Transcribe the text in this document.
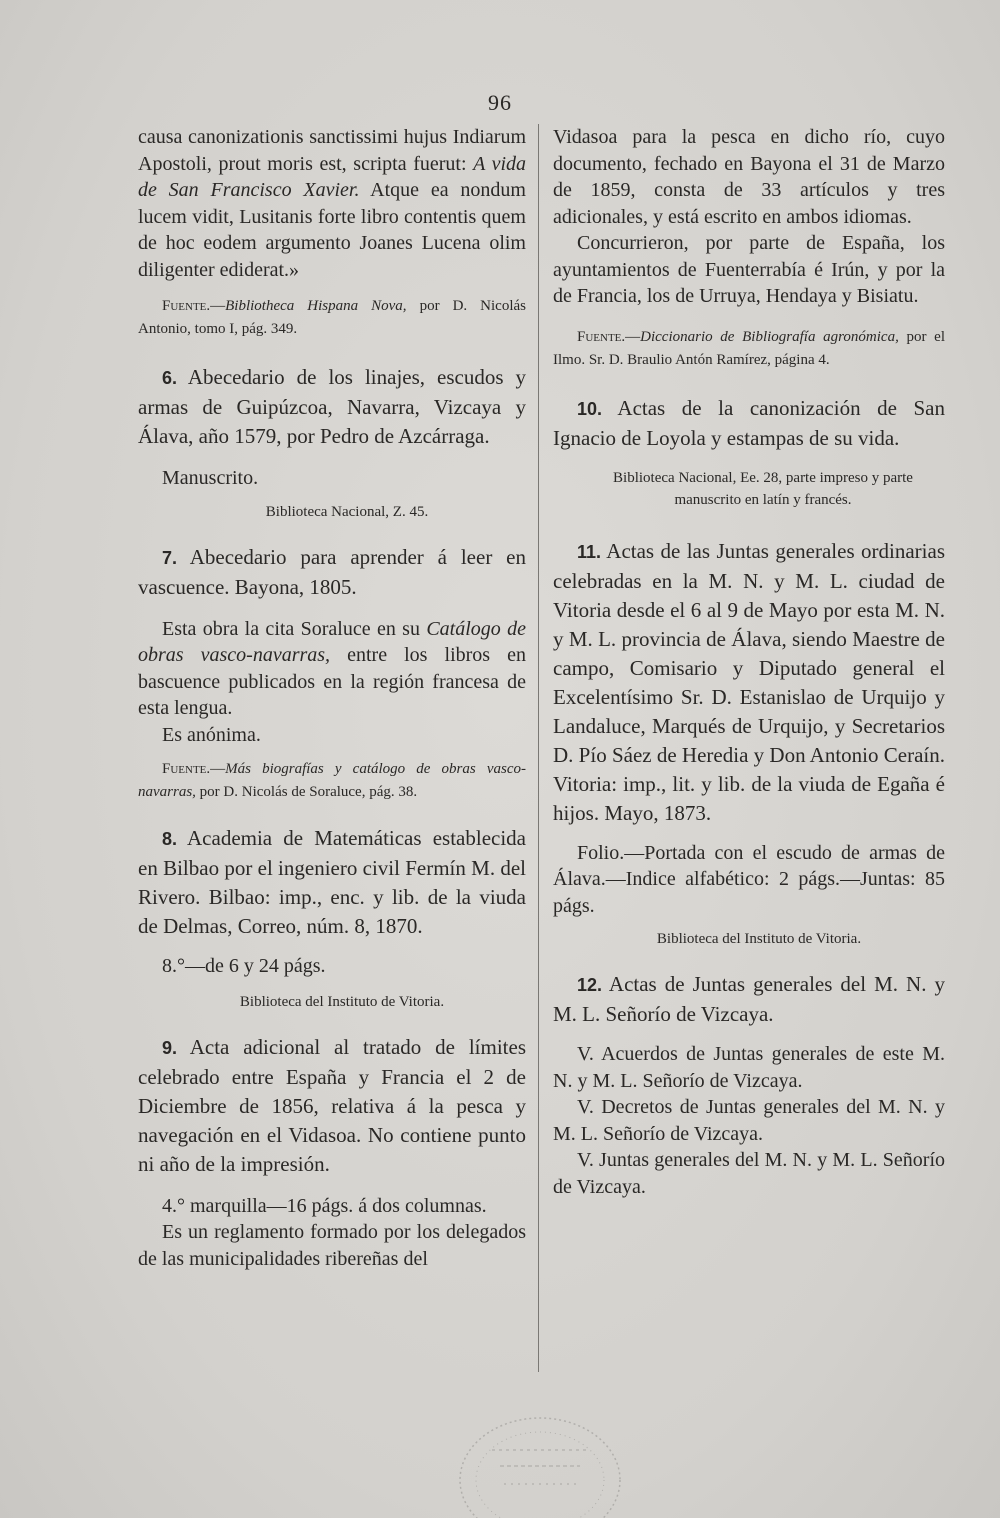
96

causa canonizationis sanctissimi hujus Indiarum Apostoli, prout moris est, scripta fuerut: A vida de San Francisco Xavier. Atque ea nondum lucem vidit, Lusitanis forte libro contentis quem de hoc eodem argumento Joanes Lucena olim diligenter ediderat.»

Fuente.—Bibliotheca Hispana Nova, por D. Nicolás Antonio, tomo I, pág. 349.

6. Abecedario de los linajes, escudos y armas de Guipúzcoa, Navarra, Vizcaya y Álava, año 1579, por Pedro de Azcárraga.

Manuscrito.

Biblioteca Nacional, Z. 45.

7. Abecedario para aprender á leer en vascuence. Bayona, 1805.

Esta obra la cita Soraluce en su Catálogo de obras vasco-navarras, entre los libros en bascuence publicados en la región francesa de esta lengua.

Es anónima.

Fuente.—Más biografías y catálogo de obras vasco-navarras, por D. Nicolás de Soraluce, pág. 38.

8. Academia de Matemáticas establecida en Bilbao por el ingeniero civil Fermín M. del Rivero. Bilbao: imp., enc. y lib. de la viuda de Delmas, Correo, núm. 8, 1870.

8.°—de 6 y 24 págs.

Biblioteca del Instituto de Vitoria.

9. Acta adicional al tratado de límites celebrado entre España y Francia el 2 de Diciembre de 1856, relativa á la pesca y navegación en el Vidasoa. No contiene punto ni año de la impresión.

4.° marquilla—16 págs. á dos columnas.

Es un reglamento formado por los delegados de las municipalidades ribereñas del

Vidasoa para la pesca en dicho río, cuyo documento, fechado en Bayona el 31 de Marzo de 1859, consta de 33 artículos y tres adicionales, y está escrito en ambos idiomas.

Concurrieron, por parte de España, los ayuntamientos de Fuenterrabía é Irún, y por la de Francia, los de Urruya, Hendaya y Bisiatu.

Fuente.—Diccionario de Bibliografía agronómica, por el Ilmo. Sr. D. Braulio Antón Ramírez, página 4.

10. Actas de la canonización de San Ignacio de Loyola y estampas de su vida.

Biblioteca Nacional, Ee. 28, parte impreso y parte manuscrito en latín y francés.

11. Actas de las Juntas generales ordinarias celebradas en la M. N. y M. L. ciudad de Vitoria desde el 6 al 9 de Mayo por esta M. N. y M. L. provincia de Álava, siendo Maestre de campo, Comisario y Diputado general el Excelentísimo Sr. D. Estanislao de Urquijo y Landaluce, Marqués de Urquijo, y Secretarios D. Pío Sáez de Heredia y Don Antonio Ceraín. Vitoria: imp., lit. y lib. de la viuda de Egaña é hijos. Mayo, 1873.

Folio.—Portada con el escudo de armas de Álava.—Indice alfabético: 2 págs.—Juntas: 85 págs.

Biblioteca del Instituto de Vitoria.

12. Actas de Juntas generales del M. N. y M. L. Señorío de Vizcaya.

V. Acuerdos de Juntas generales de este M. N. y M. L. Señorío de Vizcaya.

V. Decretos de Juntas generales del M. N. y M. L. Señorío de Vizcaya.

V. Juntas generales del M. N. y M. L. Señorío de Vizcaya.
